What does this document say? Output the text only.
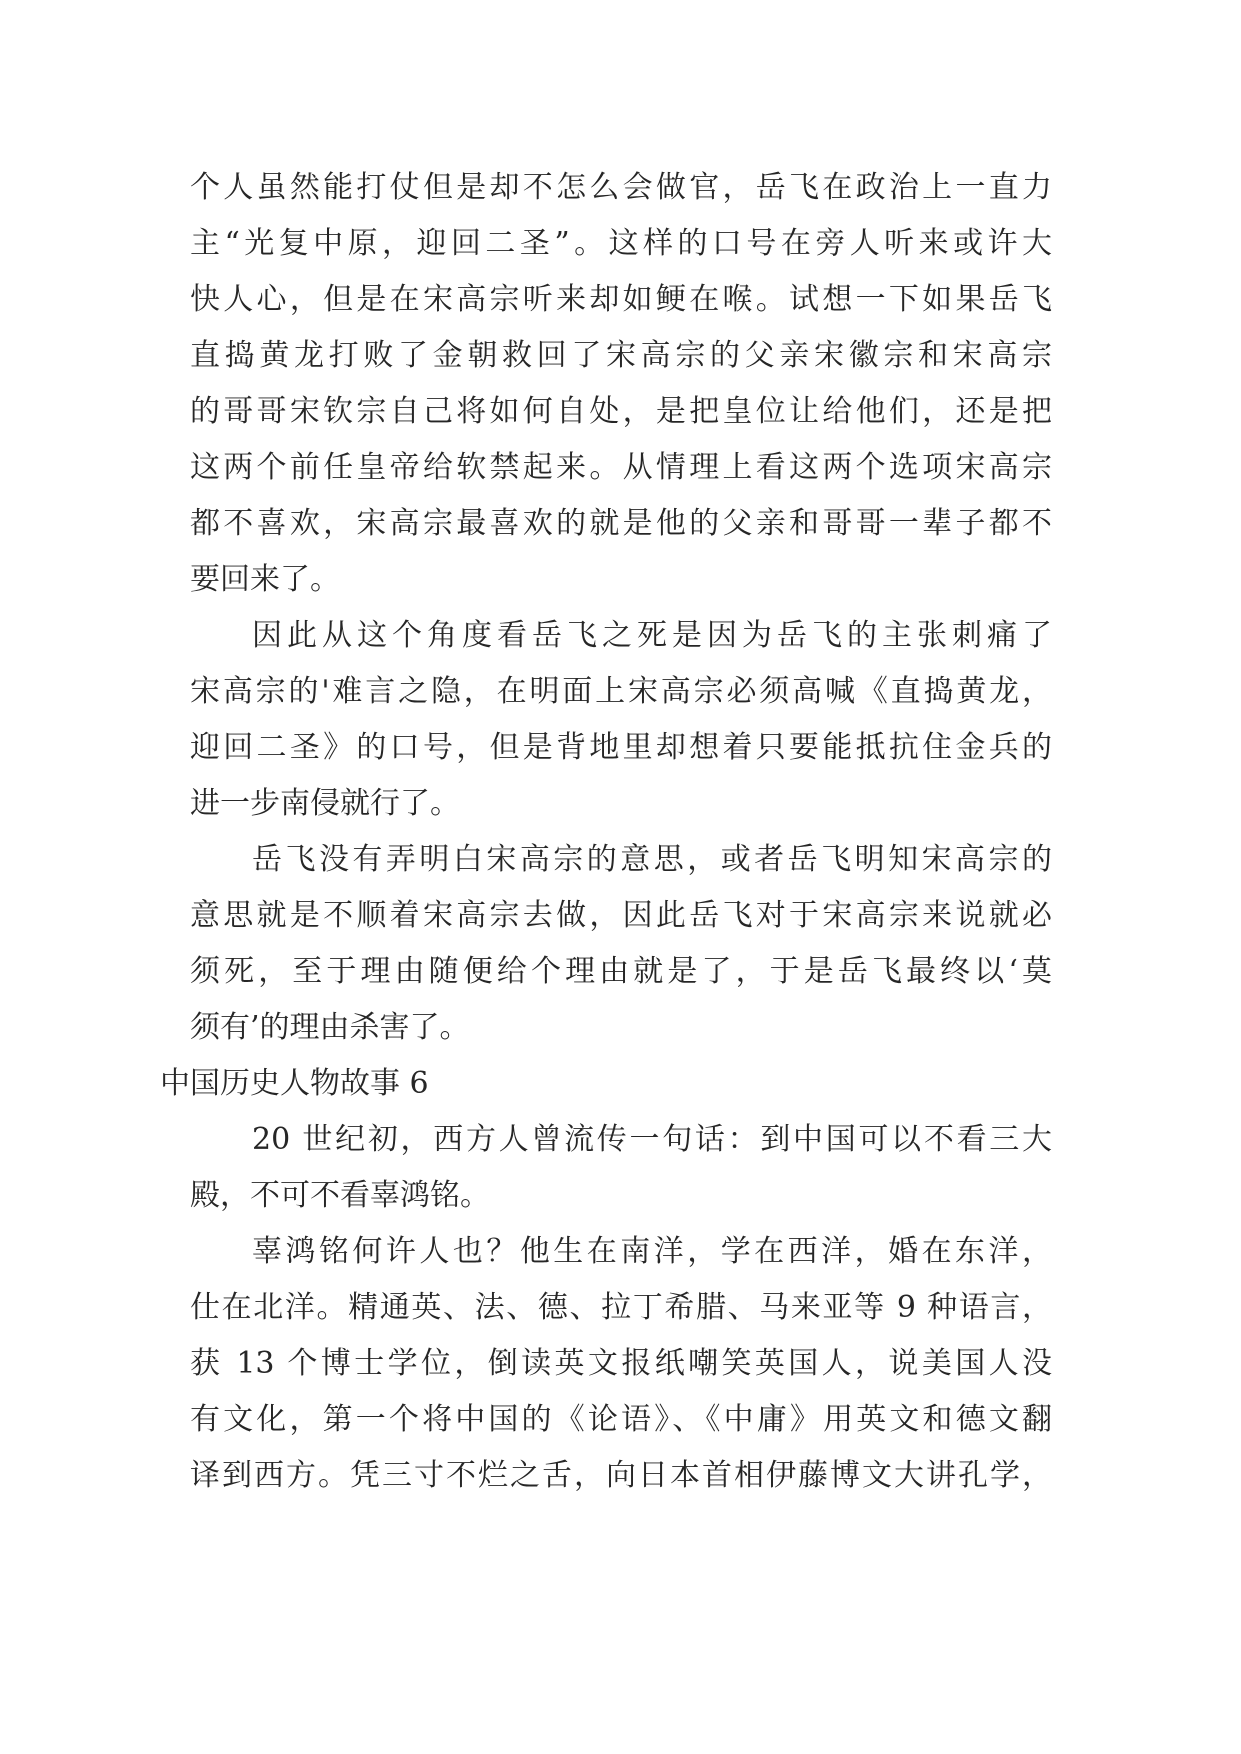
个人虽然能打仗但是却不怎么会做官，岳飞在政治上一直力
主“光复中原，迎回二圣”。这样的口号在旁人听来或许大
快人心，但是在宋高宗听来却如鲠在喉。试想一下如果岳飞
直捣黄龙打败了金朝救回了宋高宗的父亲宋徽宗和宋高宗
的哥哥宋钦宗自己将如何自处，是把皇位让给他们，还是把
这两个前任皇帝给软禁起来。从情理上看这两个选项宋高宗
都不喜欢，宋高宗最喜欢的就是他的父亲和哥哥一辈子都不
要回来了。
因此从这个角度看岳飞之死是因为岳飞的主张刺痛了
宋高宗的'难言之隐，在明面上宋高宗必须高喊《直捣黄龙，
迎回二圣》的口号，但是背地里却想着只要能抵抗住金兵的
进一步南侵就行了。
岳飞没有弄明白宋高宗的意思，或者岳飞明知宋高宗的
意思就是不顺着宋高宗去做，因此岳飞对于宋高宗来说就必
须死，至于理由随便给个理由就是了，于是岳飞最终以‘莫
须有’的理由杀害了。
中国历史人物故事 6
20 世纪初，西方人曾流传一句话：到中国可以不看三大
殿，不可不看辜鸿铭。
辜鸿铭何许人也？他生在南洋，学在西洋，婚在东洋，
仕在北洋。精通英、法、德、拉丁希腊、马来亚等 9 种语言，
获 13 个博士学位，倒读英文报纸嘲笑英国人，说美国人没
有文化，第一个将中国的《论语》、《中庸》用英文和德文翻
译到西方。凭三寸不烂之舌，向日本首相伊藤博文大讲孔学，
